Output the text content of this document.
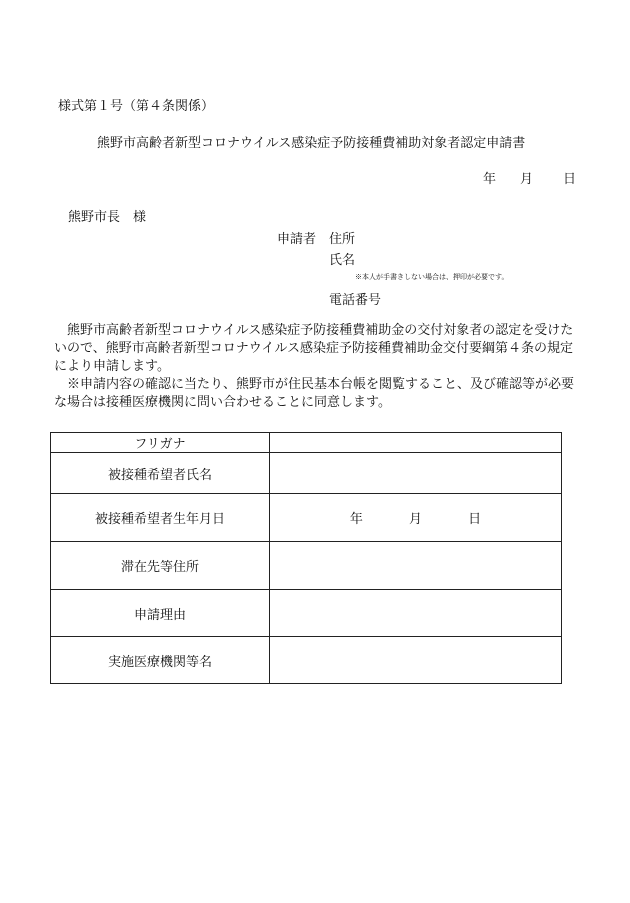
様式第１号（第４条関係）
熊野市高齢者新型コロナウイルス感染症予防接種費補助対象者認定申請書
年 月 日
熊野市長　様
申請者 住所
氏名
※本人が手書きしない場合は、押印が必要です。
電話番号

熊野市高齢者新型コロナウイルス感染症予防接種費補助金の交付対象者の認定を受けたいので、熊野市高齢者新型コロナウイルス感染症予防接種費補助金交付要綱第４条の規定により申請します。

※申請内容の確認に当たり、熊野市が住民基本台帳を閲覧すること、及び確認等が必要な場合は接種医療機関に問い合わせることに同意します。

フリガナ	
被接種希望者氏名	
被接種希望者生年月日	年 月 日
滞在先等住所	
申請理由	
実施医療機関等名	
